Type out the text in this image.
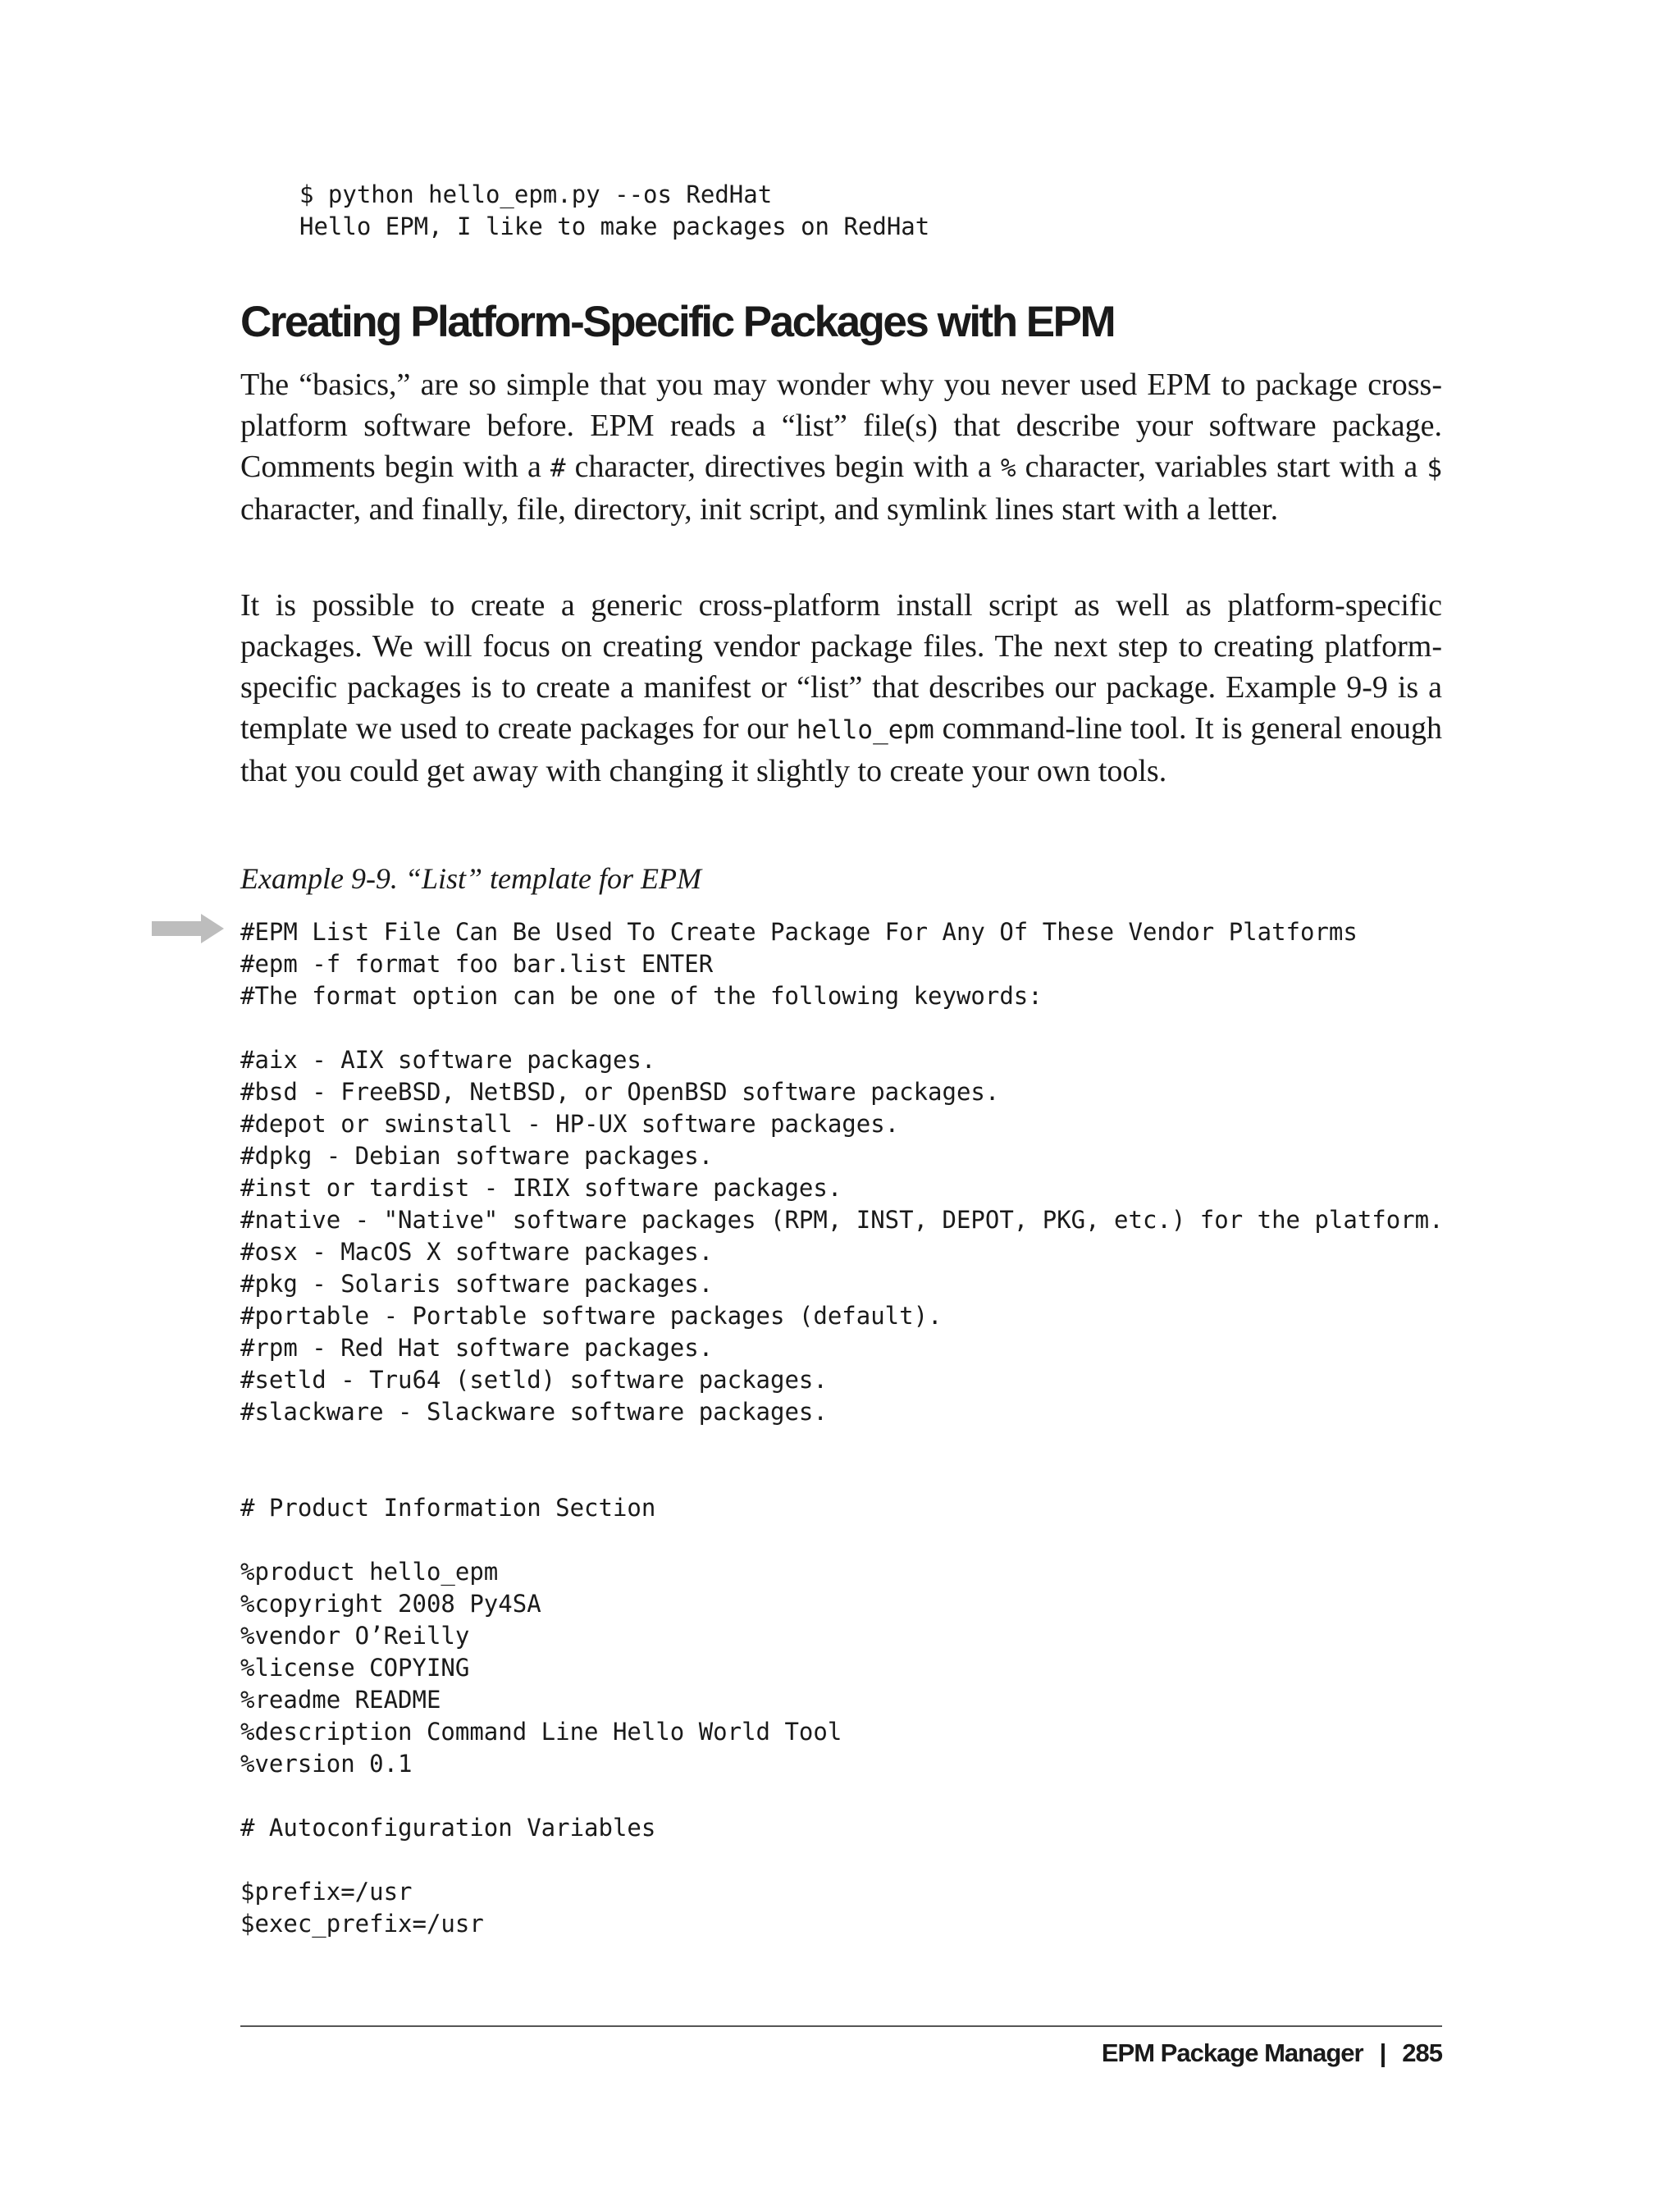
$ python hello_epm.py --os RedHat
Hello EPM, I like to make packages on RedHat
Creating Platform-Specific Packages with EPM

The “basics,” are so simple that you may wonder why you never used EPM to package cross-platform software before. EPM reads a “list” file(s) that describe your software package. Comments begin with a # character, directives begin with a % character, variables start with a $ character, and finally, file, directory, init script, and symlink lines start with a letter.

It is possible to create a generic cross-platform install script as well as platform-specific packages. We will focus on creating vendor package files. The next step to creating platform-specific packages is to create a manifest or “list” that describes our package. Example 9-9 is a template we used to create packages for our hello_epm command-line tool. It is general enough that you could get away with changing it slightly to create your own tools.

Example 9-9. “List” template for EPM

#EPM List File Can Be Used To Create Package For Any Of These Vendor Platforms
#epm -f format foo bar.list ENTER
#The format option can be one of the following keywords:

#aix - AIX software packages.
#bsd - FreeBSD, NetBSD, or OpenBSD software packages.
#depot or swinstall - HP-UX software packages.
#dpkg - Debian software packages.
#inst or tardist - IRIX software packages.
#native - "Native" software packages (RPM, INST, DEPOT, PKG, etc.) for the platform.
#osx - MacOS X software packages.
#pkg - Solaris software packages.
#portable - Portable software packages (default).
#rpm - Red Hat software packages.
#setld - Tru64 (setld) software packages.
#slackware - Slackware software packages.

# Product Information Section

%product hello_epm
%copyright 2008 Py4SA
%vendor O’Reilly
%license COPYING
%readme README
%description Command Line Hello World Tool
%version 0.1

# Autoconfiguration Variables

$prefix=/usr
$exec_prefix=/usr

EPM Package Manager | 285
